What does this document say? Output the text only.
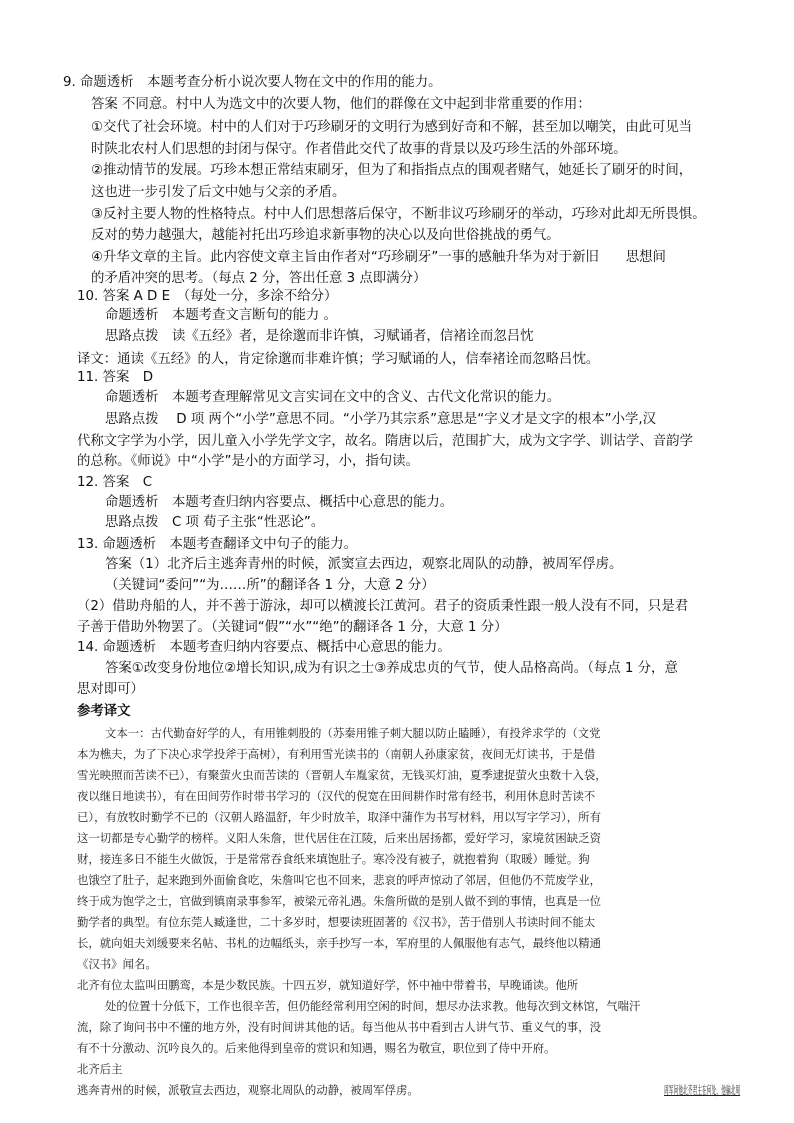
9. 命题透析　本题考查分析小说次要人物在文中的作用的能力。
答案 不同意。村中人为选文中的次要人物，他们的群像在文中起到非常重要的作用：
①交代了社会环境。村中的人们对于巧珍刷牙的文明行为感到好奇和不解，甚至加以嘲笑，由此可见当
时陕北农村人们思想的封闭与保守。作者借此交代了故事的背景以及巧珍生活的外部环境。
②推动情节的发展。巧珍本想正常结束刷牙，但为了和指指点点的围观者赌气，她延长了刷牙的时间，
这也进一步引发了后文中她与父亲的矛盾。
③反衬主要人物的性格特点。村中人们思想落后保守，不断非议巧珍刷牙的举动，巧珍对此却无所畏惧。
反对的势力越强大，越能衬托出巧珍追求新事物的决心以及向世俗挑战的勇气。
④升华文章的主旨。此内容使文章主旨由作者对“巧珍刷牙”一事的感触升华为对于新旧　　思想间
的矛盾冲突的思考。（每点 2 分，答出任意 3 点即满分）
10. 答案 A D E　（每处一分，多涂不给分）
命题透析　本题考查文言断句的能力 。
思路点拨　读《五经》者，是徐邈而非许慎，习赋诵者，信褚诠而忽吕忱
译文：通读《五经》的人，肯定徐邈而非难许慎；学习赋诵的人，信奉褚诠而忽略吕忱。
11. 答案　D
命题透析　本题考查理解常见文言实词在文中的含义、古代文化常识的能力。
思路点拨　 D 项 两个“小学”意思不同。“小学乃其宗系”意思是“字义才是文字的根本”小学,汉
代称文字学为小学，因儿童入小学先学文字，故名。隋唐以后，范围扩大，成为文字学、训诂学、音韵学
的总称。《师说》中“小学”是小的方面学习，小，指句读。
12. 答案　C
命题透析　本题考查归纳内容要点、概括中心意思的能力。
思路点拨　C 项 荀子主张“性恶论”。
13. 命题透析　本题考查翻译文中句子的能力。
答案（1）北齐后主逃奔青州的时候，派窦宣去西边，观察北周队的动静，被周军俘虏。
（关键词“委问”“为……所”的翻译各 1 分，大意 2 分）
（2）借助舟船的人，并不善于游泳，却可以横渡长江黄河。君子的资质秉性跟一般人没有不同，只是君
子善于借助外物罢了。（关键词“假”“水”“绝”的翻译各 1 分，大意 1 分）
14. 命题透析　本题考查归纳内容要点、概括中心意思的能力。
答案①改变身份地位②增长知识,成为有识之士③养成忠贞的气节，使人品格高尚。（每点 1 分，意
思对即可）
参考译文
文本一：古代勤奋好学的人，有用锥刺股的（苏秦用锥子刺大腿以防止瞌睡），有投斧求学的（文党
本为樵夫，为了下决心求学投斧于高树），有利用雪光读书的（南朝人孙康家贫，夜间无灯读书，于是借
雪光映照而苦读不已），有聚萤火虫而苦读的（晋朝人车胤家贫，无钱买灯油，夏季逮捉萤火虫数十入袋，
夜以继日地读书），有在田间劳作时带书学习的（汉代的倪宽在田间耕作时常有经书，利用休息时苦读不
已），有放牧时勤学不已的（汉朝人路温舒，年少时放羊，取泽中蒲作为书写材料，用以写字学习），所有
这一切都是专心勤学的榜样。义阳人朱詹，世代居住在江陵，后来出居扬都，爱好学习，家境贫困缺乏资
财，接连多日不能生火做饭，于是常常吞食纸来填饱肚子。寒冷没有被子，就抱着狗（取暖）睡觉。狗
也饿空了肚子，起来跑到外面偷食吃，朱詹叫它也不回来，悲哀的呼声惊动了邻居，但他仍不荒废学业，
终于成为饱学之士，官做到镇南录事参军，被梁元帝礼遇。朱詹所做的是别人做不到的事情，也真是一位
勤学者的典型。有位东莞人臧逢世，二十多岁时，想要读班固著的《汉书》，苦于借别人书读时间不能太
长，就向姐夫刘缓要来名帖、书札的边幅纸头，亲手抄写一本，军府里的人佩服他有志气，最终他以精通
《汉书》闻名。
北齐有位太监叫田鹏鸾，本是少数民族。十四五岁，就知道好学，怀中袖中带着书，早晚诵读。他所
处的位置十分低下，工作也很辛苦，但仍能经常利用空闲的时间，想尽办法求教。他每次到文林馆，气喘汗
流，除了询问书中不懂的地方外，没有时间讲其他的话。每当他从书中看到古人讲气节、重义气的事，没
有不十分激动、沉吟良久的。后来他得到皇帝的赏识和知遇，赐名为敬宣，职位到了侍中开府。
北齐后主
逃奔青州的时候，派敬宣去西边，观察北周队的动静，被周军俘虏。	周军问他北齐君主在何处，他骗北周
